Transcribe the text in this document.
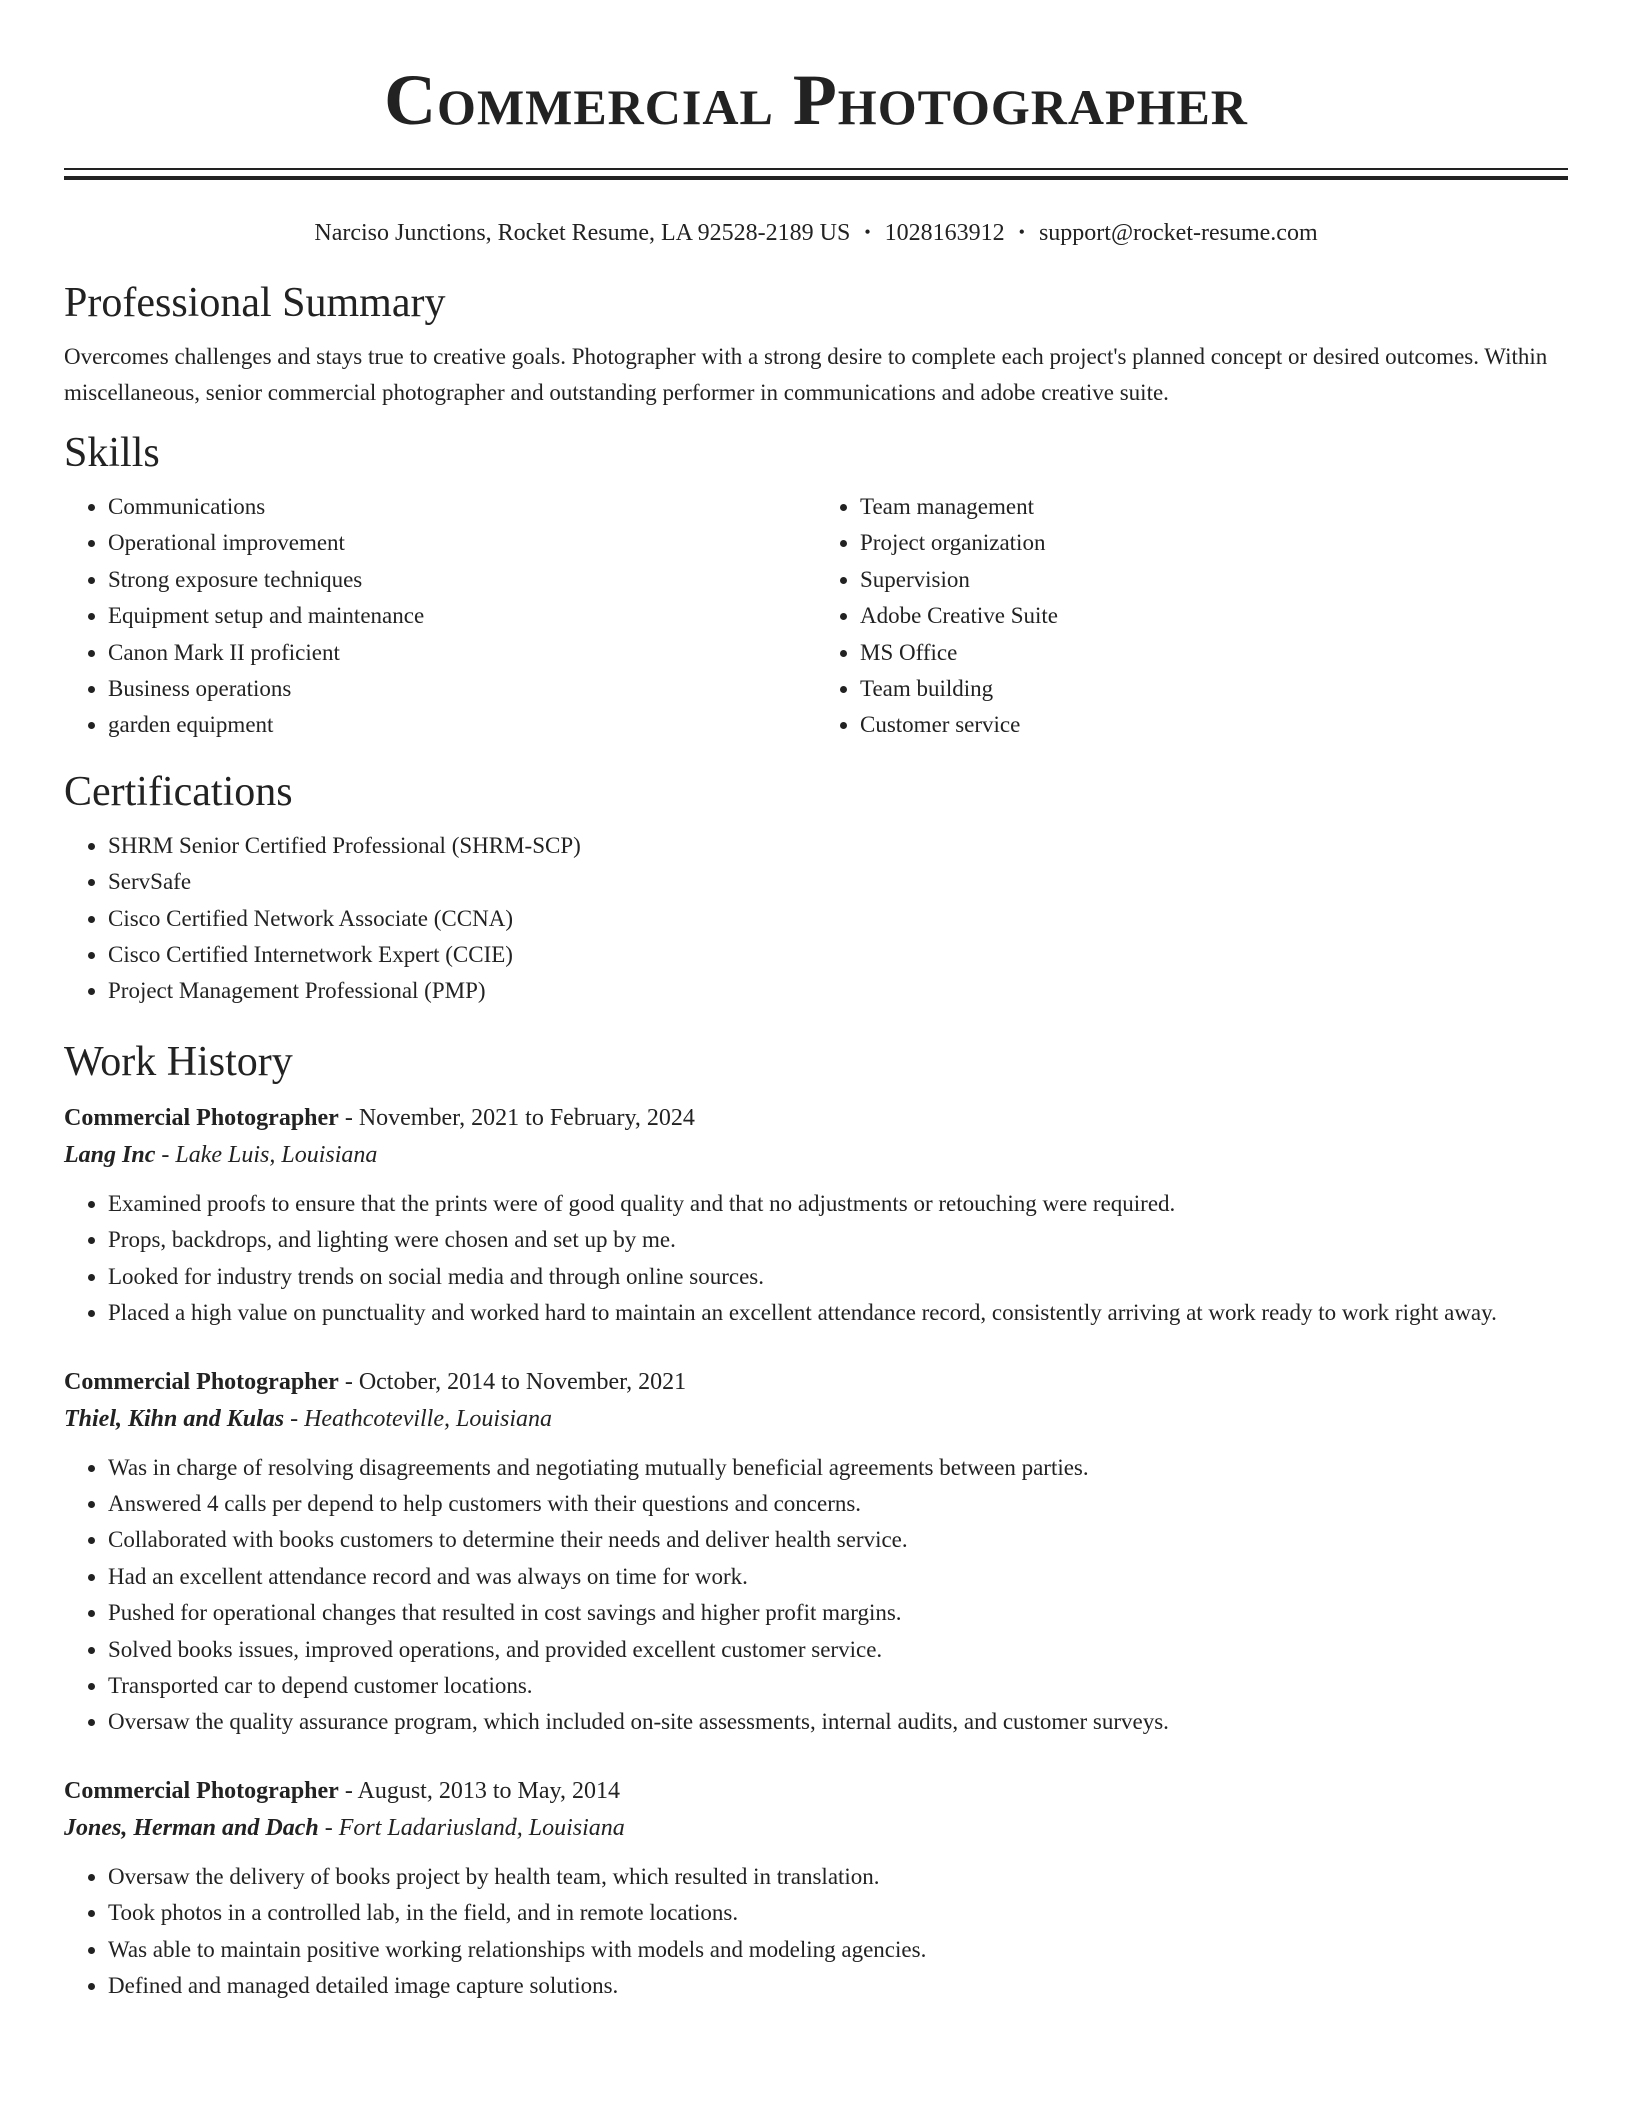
Commercial Photographer
Narciso Junctions, Rocket Resume, LA 92528-2189 US • 1028163912 • support@rocket-resume.com
Professional Summary

Overcomes challenges and stays true to creative goals. Photographer with a strong desire to complete each project's planned concept or desired outcomes. Within miscellaneous, senior commercial photographer and outstanding performer in communications and adobe creative suite.

Skills
• Communications
• Operational improvement
• Strong exposure techniques
• Equipment setup and maintenance
• Canon Mark II proficient
• Business operations
• garden equipment
• Team management
• Project organization
• Supervision
• Adobe Creative Suite
• MS Office
• Team building
• Customer service
Certifications
• SHRM Senior Certified Professional (SHRM-SCP)
• ServSafe
• Cisco Certified Network Associate (CCNA)
• Cisco Certified Internetwork Expert (CCIE)
• Project Management Professional (PMP)
Work History

Commercial Photographer - November, 2021 to February, 2024

Lang Inc - Lake Luis, Louisiana

• Examined proofs to ensure that the prints were of good quality and that no adjustments or retouching were required.
• Props, backdrops, and lighting were chosen and set up by me.
• Looked for industry trends on social media and through online sources.
• Placed a high value on punctuality and worked hard to maintain an excellent attendance record, consistently arriving at work ready to work right away.

Commercial Photographer - October, 2014 to November, 2021

Thiel, Kihn and Kulas - Heathcoteville, Louisiana

• Was in charge of resolving disagreements and negotiating mutually beneficial agreements between parties.
• Answered 4 calls per depend to help customers with their questions and concerns.
• Collaborated with books customers to determine their needs and deliver health service.
• Had an excellent attendance record and was always on time for work.
• Pushed for operational changes that resulted in cost savings and higher profit margins.
• Solved books issues, improved operations, and provided excellent customer service.
• Transported car to depend customer locations.
• Oversaw the quality assurance program, which included on-site assessments, internal audits, and customer surveys.

Commercial Photographer - August, 2013 to May, 2014

Jones, Herman and Dach - Fort Ladariusland, Louisiana

• Oversaw the delivery of books project by health team, which resulted in translation.
• Took photos in a controlled lab, in the field, and in remote locations.
• Was able to maintain positive working relationships with models and modeling agencies.
• Defined and managed detailed image capture solutions.
